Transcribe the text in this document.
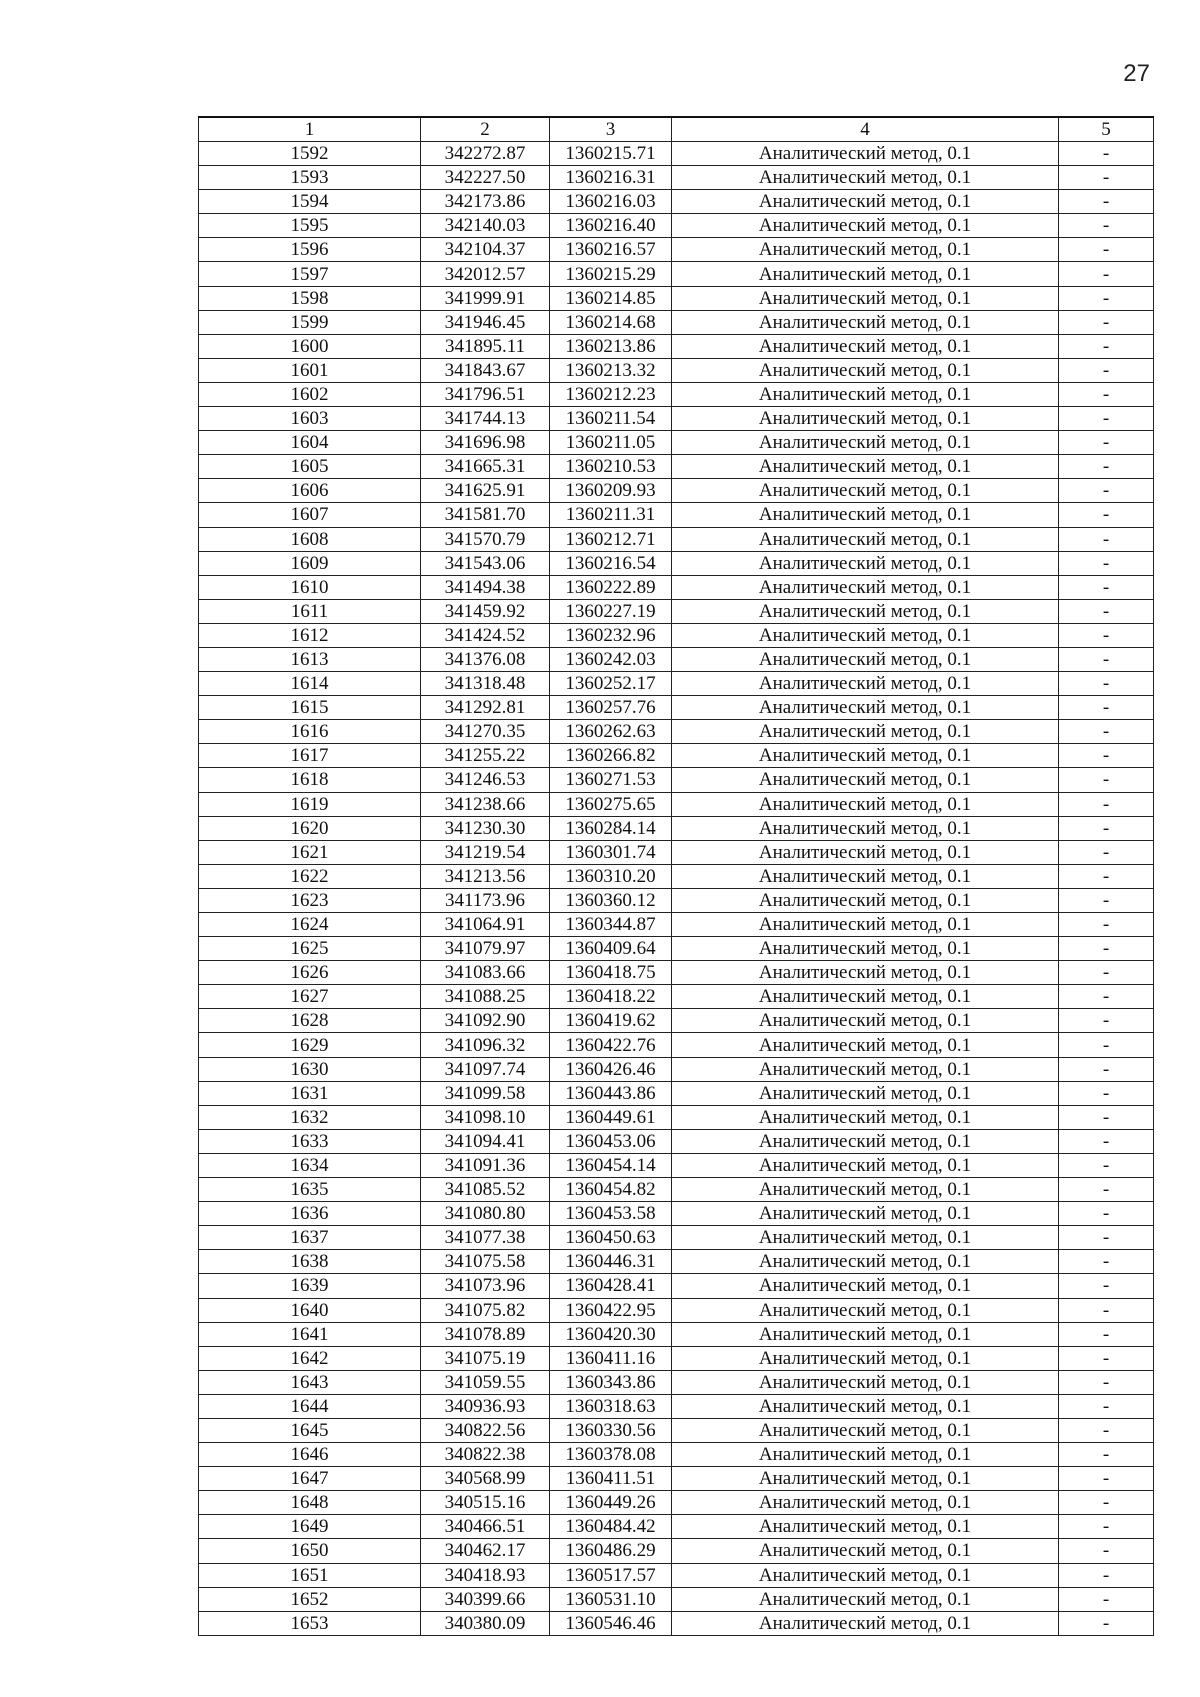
27
1	2	3	4	5
1592	342272.87	1360215.71	Аналитический метод, 0.1	-
1593	342227.50	1360216.31	Аналитический метод, 0.1	-
1594	342173.86	1360216.03	Аналитический метод, 0.1	-
1595	342140.03	1360216.40	Аналитический метод, 0.1	-
1596	342104.37	1360216.57	Аналитический метод, 0.1	-
1597	342012.57	1360215.29	Аналитический метод, 0.1	-
1598	341999.91	1360214.85	Аналитический метод, 0.1	-
1599	341946.45	1360214.68	Аналитический метод, 0.1	-
1600	341895.11	1360213.86	Аналитический метод, 0.1	-
1601	341843.67	1360213.32	Аналитический метод, 0.1	-
1602	341796.51	1360212.23	Аналитический метод, 0.1	-
1603	341744.13	1360211.54	Аналитический метод, 0.1	-
1604	341696.98	1360211.05	Аналитический метод, 0.1	-
1605	341665.31	1360210.53	Аналитический метод, 0.1	-
1606	341625.91	1360209.93	Аналитический метод, 0.1	-
1607	341581.70	1360211.31	Аналитический метод, 0.1	-
1608	341570.79	1360212.71	Аналитический метод, 0.1	-
1609	341543.06	1360216.54	Аналитический метод, 0.1	-
1610	341494.38	1360222.89	Аналитический метод, 0.1	-
1611	341459.92	1360227.19	Аналитический метод, 0.1	-
1612	341424.52	1360232.96	Аналитический метод, 0.1	-
1613	341376.08	1360242.03	Аналитический метод, 0.1	-
1614	341318.48	1360252.17	Аналитический метод, 0.1	-
1615	341292.81	1360257.76	Аналитический метод, 0.1	-
1616	341270.35	1360262.63	Аналитический метод, 0.1	-
1617	341255.22	1360266.82	Аналитический метод, 0.1	-
1618	341246.53	1360271.53	Аналитический метод, 0.1	-
1619	341238.66	1360275.65	Аналитический метод, 0.1	-
1620	341230.30	1360284.14	Аналитический метод, 0.1	-
1621	341219.54	1360301.74	Аналитический метод, 0.1	-
1622	341213.56	1360310.20	Аналитический метод, 0.1	-
1623	341173.96	1360360.12	Аналитический метод, 0.1	-
1624	341064.91	1360344.87	Аналитический метод, 0.1	-
1625	341079.97	1360409.64	Аналитический метод, 0.1	-
1626	341083.66	1360418.75	Аналитический метод, 0.1	-
1627	341088.25	1360418.22	Аналитический метод, 0.1	-
1628	341092.90	1360419.62	Аналитический метод, 0.1	-
1629	341096.32	1360422.76	Аналитический метод, 0.1	-
1630	341097.74	1360426.46	Аналитический метод, 0.1	-
1631	341099.58	1360443.86	Аналитический метод, 0.1	-
1632	341098.10	1360449.61	Аналитический метод, 0.1	-
1633	341094.41	1360453.06	Аналитический метод, 0.1	-
1634	341091.36	1360454.14	Аналитический метод, 0.1	-
1635	341085.52	1360454.82	Аналитический метод, 0.1	-
1636	341080.80	1360453.58	Аналитический метод, 0.1	-
1637	341077.38	1360450.63	Аналитический метод, 0.1	-
1638	341075.58	1360446.31	Аналитический метод, 0.1	-
1639	341073.96	1360428.41	Аналитический метод, 0.1	-
1640	341075.82	1360422.95	Аналитический метод, 0.1	-
1641	341078.89	1360420.30	Аналитический метод, 0.1	-
1642	341075.19	1360411.16	Аналитический метод, 0.1	-
1643	341059.55	1360343.86	Аналитический метод, 0.1	-
1644	340936.93	1360318.63	Аналитический метод, 0.1	-
1645	340822.56	1360330.56	Аналитический метод, 0.1	-
1646	340822.38	1360378.08	Аналитический метод, 0.1	-
1647	340568.99	1360411.51	Аналитический метод, 0.1	-
1648	340515.16	1360449.26	Аналитический метод, 0.1	-
1649	340466.51	1360484.42	Аналитический метод, 0.1	-
1650	340462.17	1360486.29	Аналитический метод, 0.1	-
1651	340418.93	1360517.57	Аналитический метод, 0.1	-
1652	340399.66	1360531.10	Аналитический метод, 0.1	-
1653	340380.09	1360546.46	Аналитический метод, 0.1	-
